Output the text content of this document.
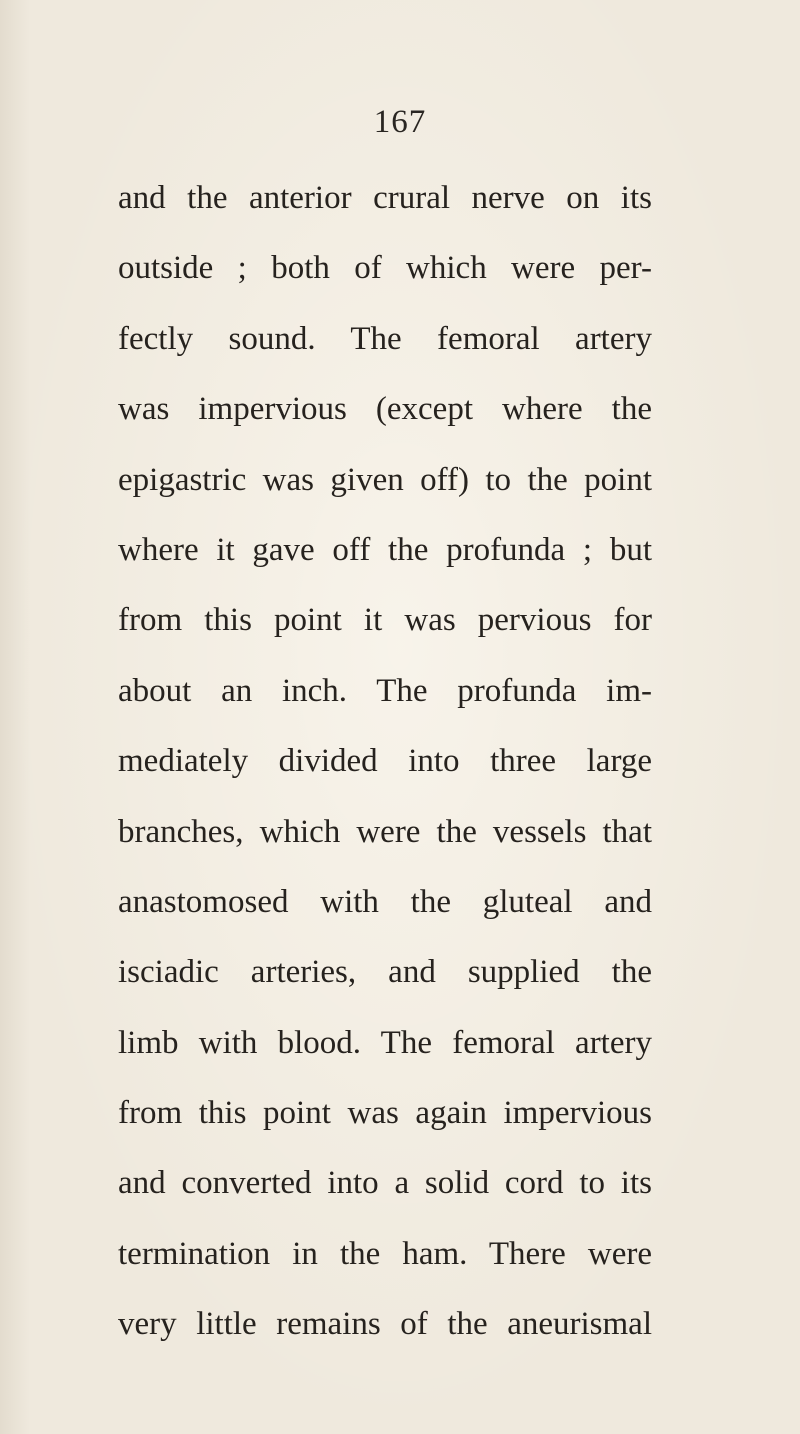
167
and the anterior crural nerve on its
outside ; both of which were per-
fectly sound. The femoral artery
was impervious (except where the
epigastric was given off) to the point
where it gave off the profunda ; but
from this point it was pervious for
about an inch. The profunda im-
mediately divided into three large
branches, which were the vessels that
anastomosed with the gluteal and
isciadic arteries, and supplied the
limb with blood. The femoral artery
from this point was again impervious
and converted into a solid cord to its
termination in the ham. There were
very little remains of the aneurismal
